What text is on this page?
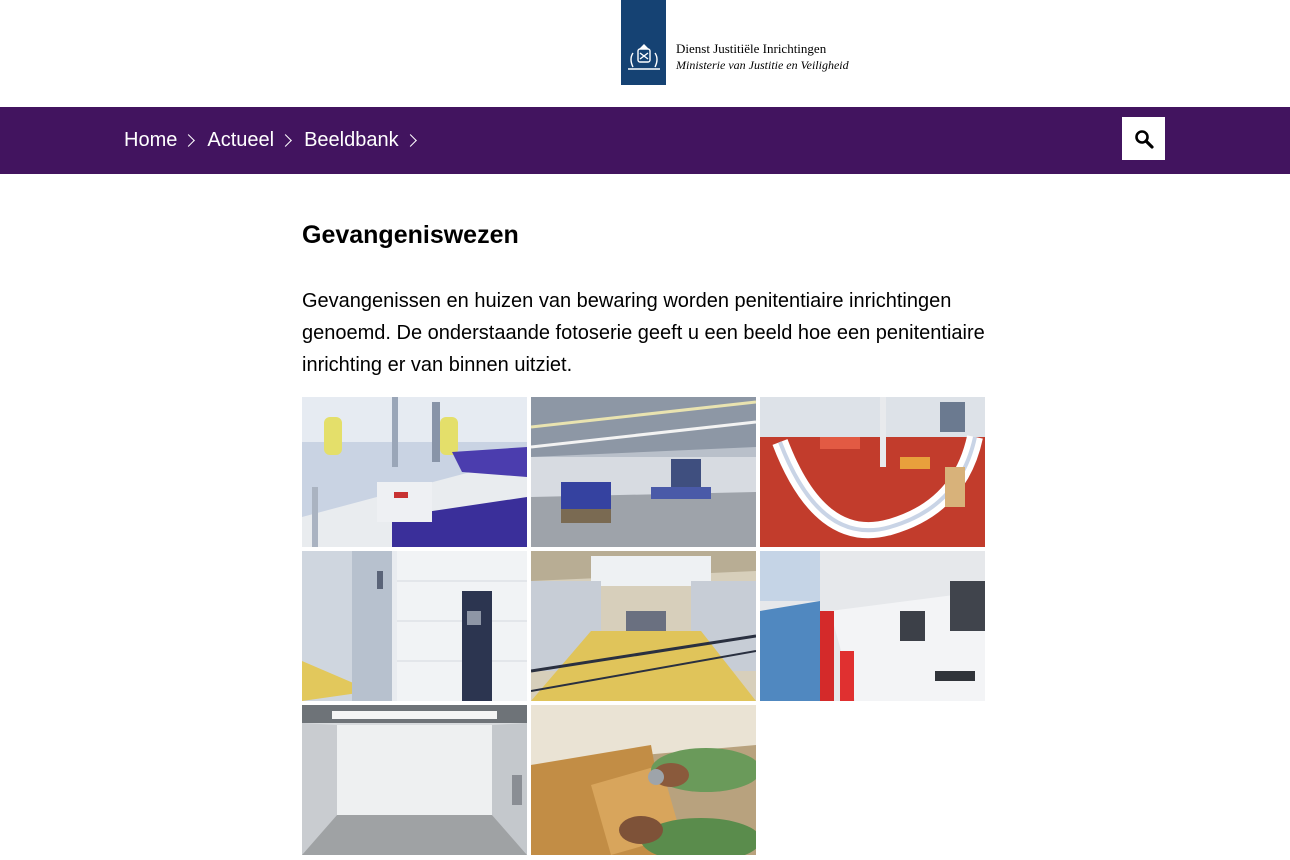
Dienst Justitiële Inrichtingen
Ministerie van Justitie en Veiligheid
Home Actueel Beeldbank
Gevangeniswezen

Gevangenissen en huizen van bewaring worden penitentiaire inrichtingen genoemd. De onderstaande fotoserie geeft u een beeld hoe een penitentiaire inrichting er van binnen uitziet.
